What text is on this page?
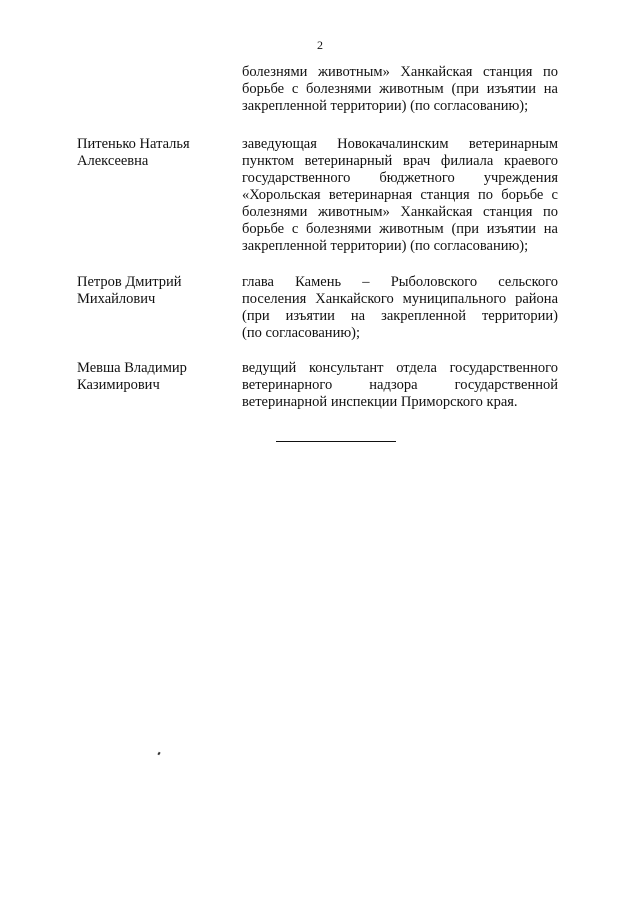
2
болезнями животным» Ханкайская станция по
борьбе с болезнями животным (при изъятии на
закрепленной территории) (по согласованию);
Питенько Наталья
Алексеевна
заведующая Новокачалинским ветеринарным
пунктом ветеринарный врач филиала краевого
государственного бюджетного учреждения
«Хорольская ветеринарная станция по борьбе с
болезнями животным» Ханкайская станция по
борьбе с болезнями животным (при изъятии на
закрепленной территории) (по согласованию);
Петров Дмитрий
Михайлович
глава Камень – Рыболовского сельского
поселения Ханкайского муниципального района
(при изъятии на закрепленной территории)
(по согласованию);
Мевша Владимир
Казимирович
ведущий консультант отдела государственного
ветеринарного надзора государственной
ветеринарной инспекции Приморского края.
